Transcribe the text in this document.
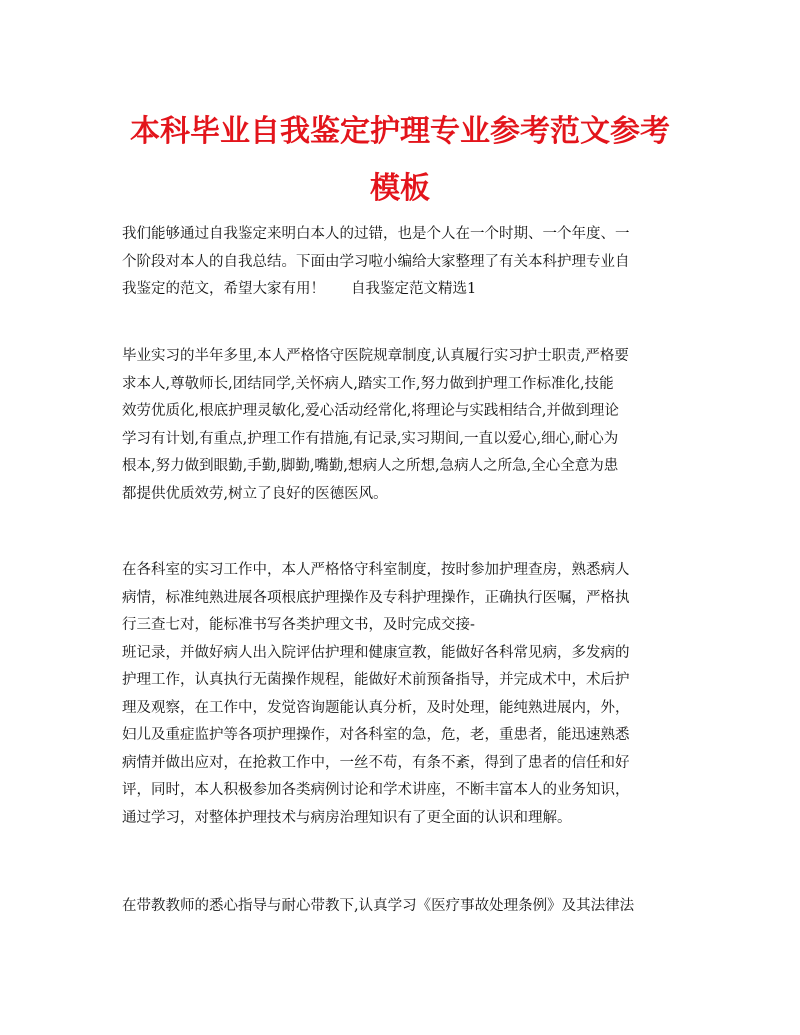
本科毕业自我鉴定护理专业参考范文参考
模板
我们能够通过自我鉴定来明白本人的过错，也是个人在一个时期、一个年度、一
个阶段对本人的自我总结。下面由学习啦小编给大家整理了有关本科护理专业自
我鉴定的范文，希望大家有用！ 自我鉴定范文精选1
毕业实习的半年多里,本人严格恪守医院规章制度,认真履行实习护士职责,严格要
求本人,尊敬师长,团结同学,关怀病人,踏实工作,努力做到护理工作标准化,技能
效劳优质化,根底护理灵敏化,爱心活动经常化,将理论与实践相结合,并做到理论
学习有计划,有重点,护理工作有措施,有记录,实习期间,一直以爱心,细心,耐心为
根本,努力做到眼勤,手勤,脚勤,嘴勤,想病人之所想,急病人之所急,全心全意为患
都提供优质效劳,树立了良好的医德医风。
在各科室的实习工作中，本人严格恪守科室制度，按时参加护理查房，熟悉病人
病情，标准纯熟进展各项根底护理操作及专科护理操作，正确执行医嘱，严格执
行三查七对，能标准书写各类护理文书，及时完成交接-
班记录，并做好病人出入院评估护理和健康宣教，能做好各科常见病，多发病的
护理工作，认真执行无菌操作规程，能做好术前预备指导，并完成术中，术后护
理及观察，在工作中，发觉咨询题能认真分析，及时处理，能纯熟进展内，外，
妇儿及重症监护等各项护理操作，对各科室的急，危，老，重患者，能迅速熟悉
病情并做出应对，在抢救工作中，一丝不苟，有条不紊，得到了患者的信任和好
评，同时，本人积极参加各类病例讨论和学术讲座，不断丰富本人的业务知识，
通过学习，对整体护理技术与病房治理知识有了更全面的认识和理解。
在带教教师的悉心指导与耐心带教下,认真学习《医疗事故处理条例》及其法律法
